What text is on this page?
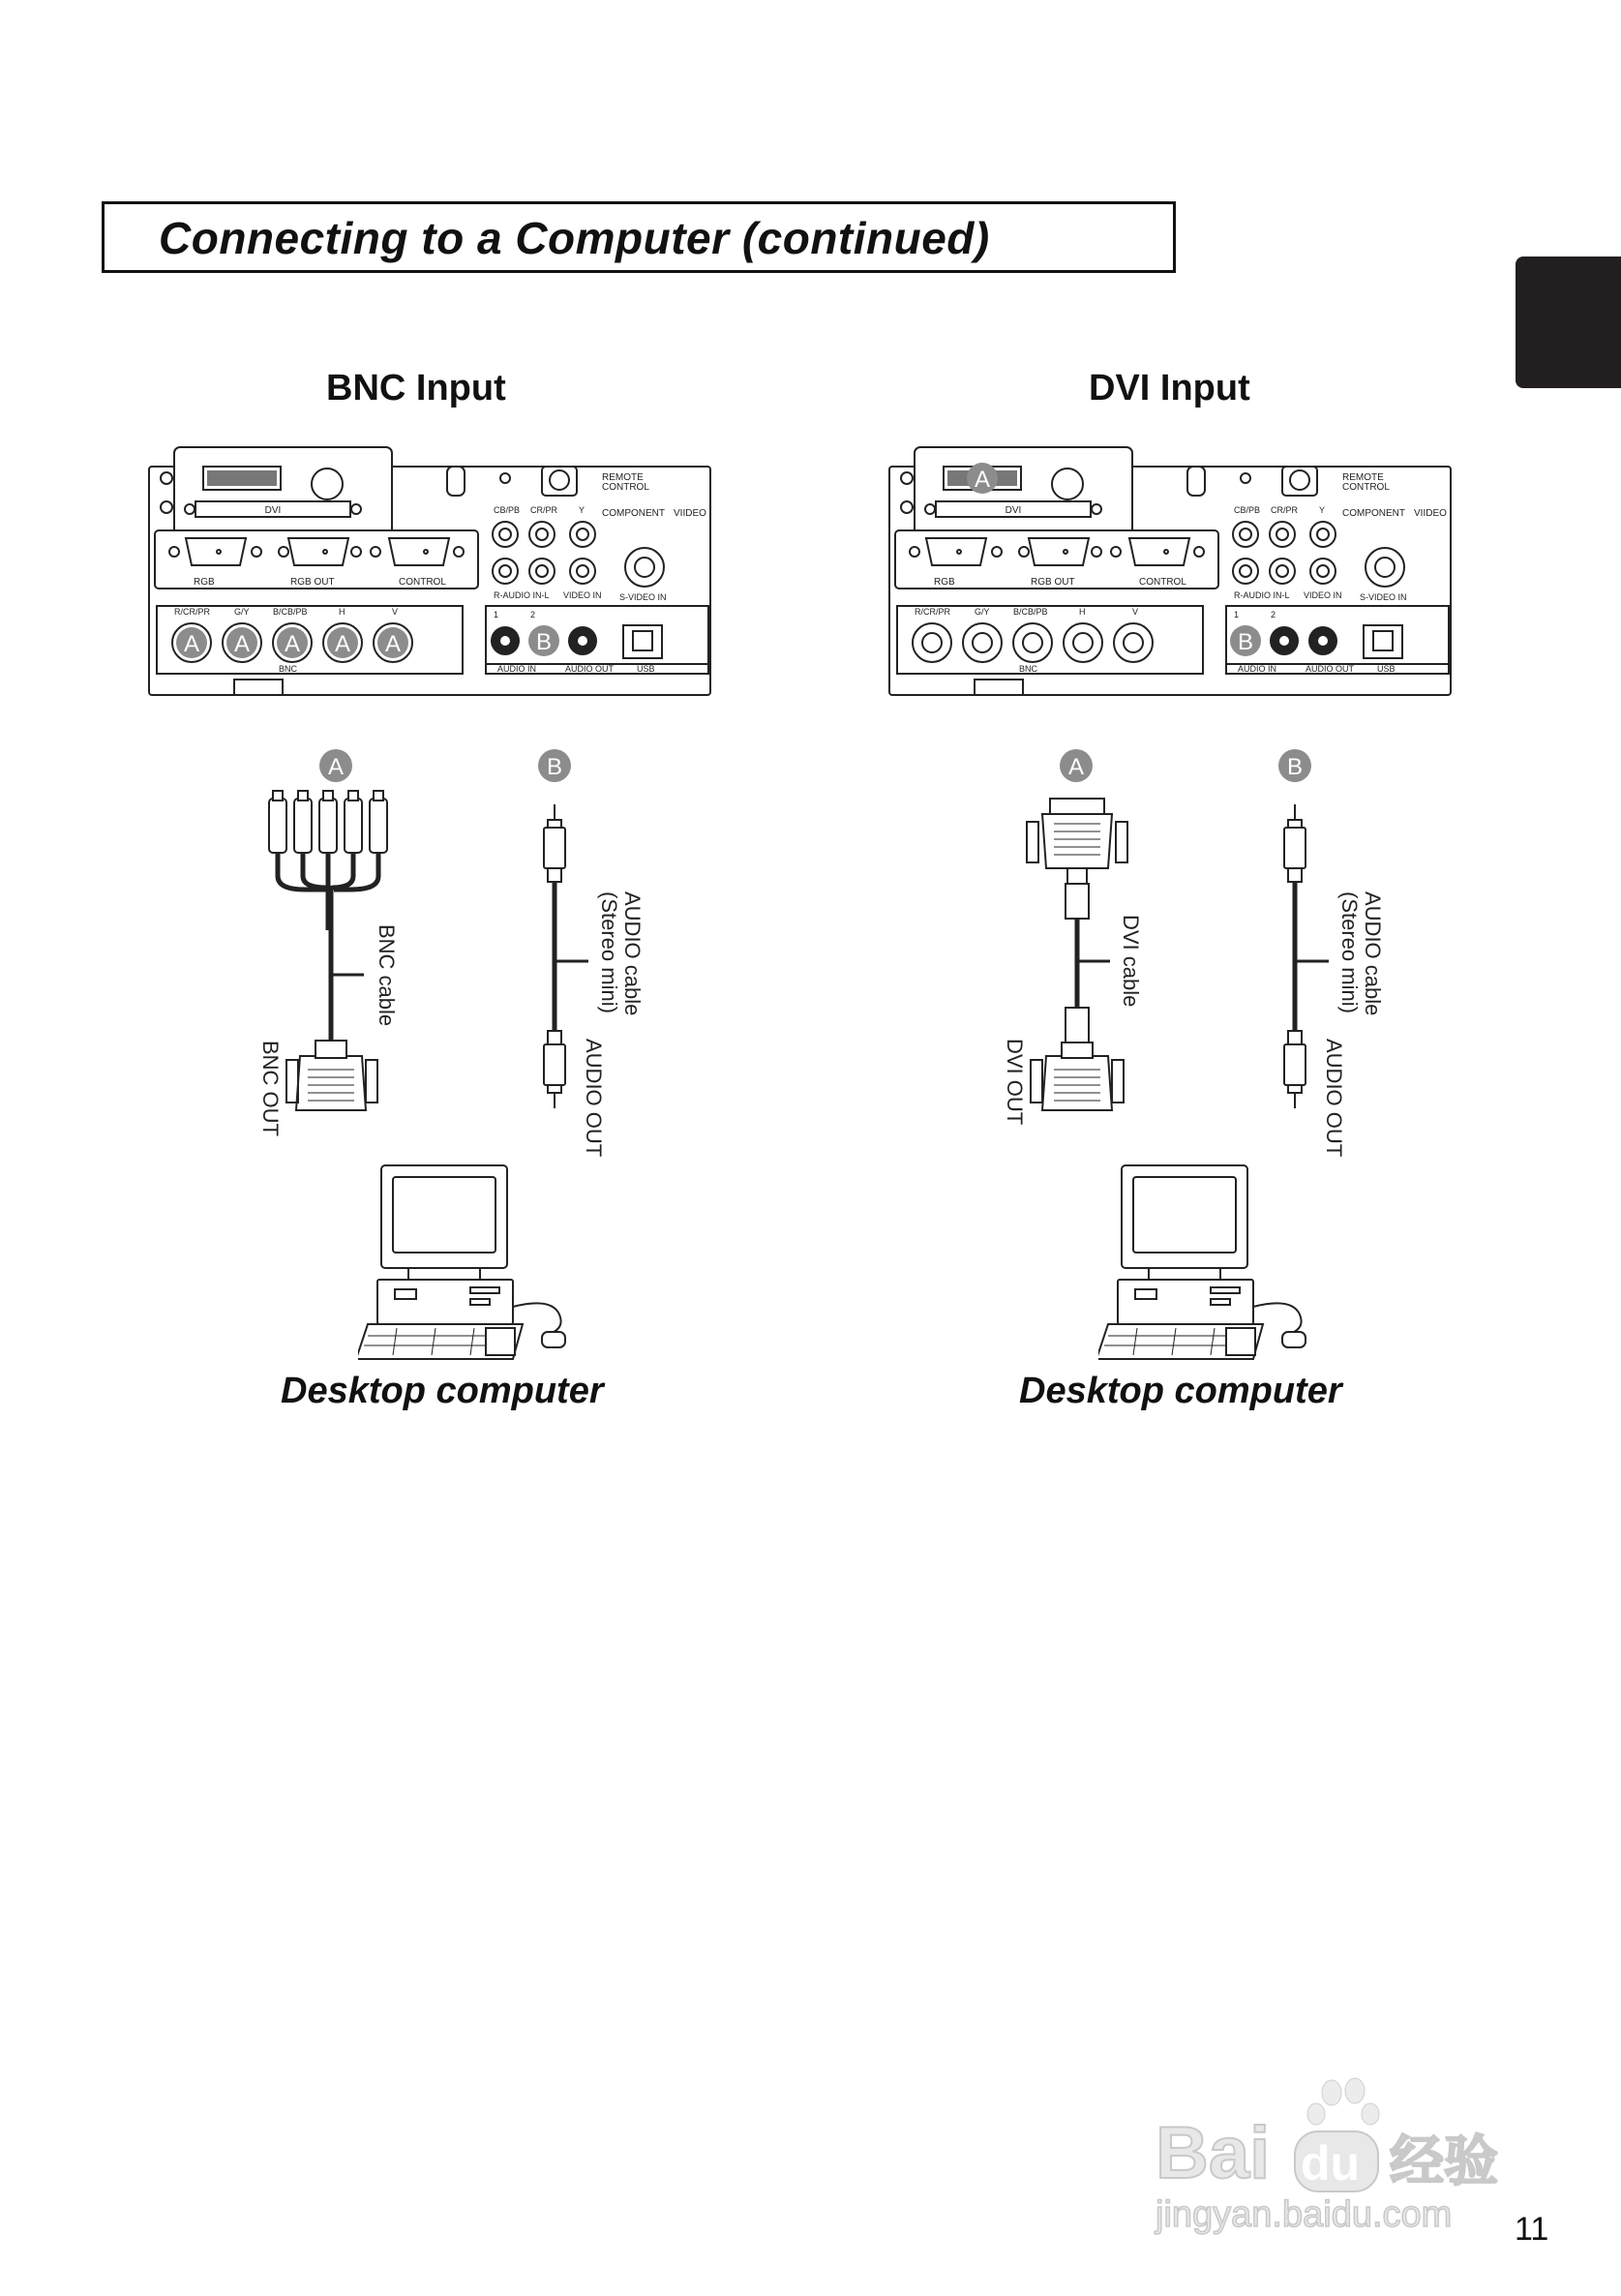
Connecting to a Computer (continued)
BNC Input	DVI Input
DVI
REMOTE
CONTROL
CB/PB CR/PR Y COMPONENT VIIDEO
RGB	RGB OUT	CONTROL
R-AUDIO IN-L VIDEO IN S-VIDEO IN
R/CR/PR	G/Y	B/CB/PB	H	V
A A A A A
BNC
1	2
B
AUDIO IN	AUDIO OUT	USB
A
DVI
REMOTE
CONTROL
CB/PB CR/PR Y COMPONENT VIIDEO
RGB	RGB OUT	CONTROL
R-AUDIO IN-L VIDEO IN S-VIDEO IN
R/CR/PR	G/Y	B/CB/PB	H	V
BNC
1	2
B
AUDIO IN	AUDIO OUT	USB
A	B
BNC cable
BNC OUT
AUDIO cable
(Stereo mini)
AUDIO OUT
A	B
DVI cable
DVI OUT
AUDIO cable
(Stereo mini)
AUDIO OUT
Desktop computer	Desktop computer
Bai du 经验
jingyan.baidu.com 11
